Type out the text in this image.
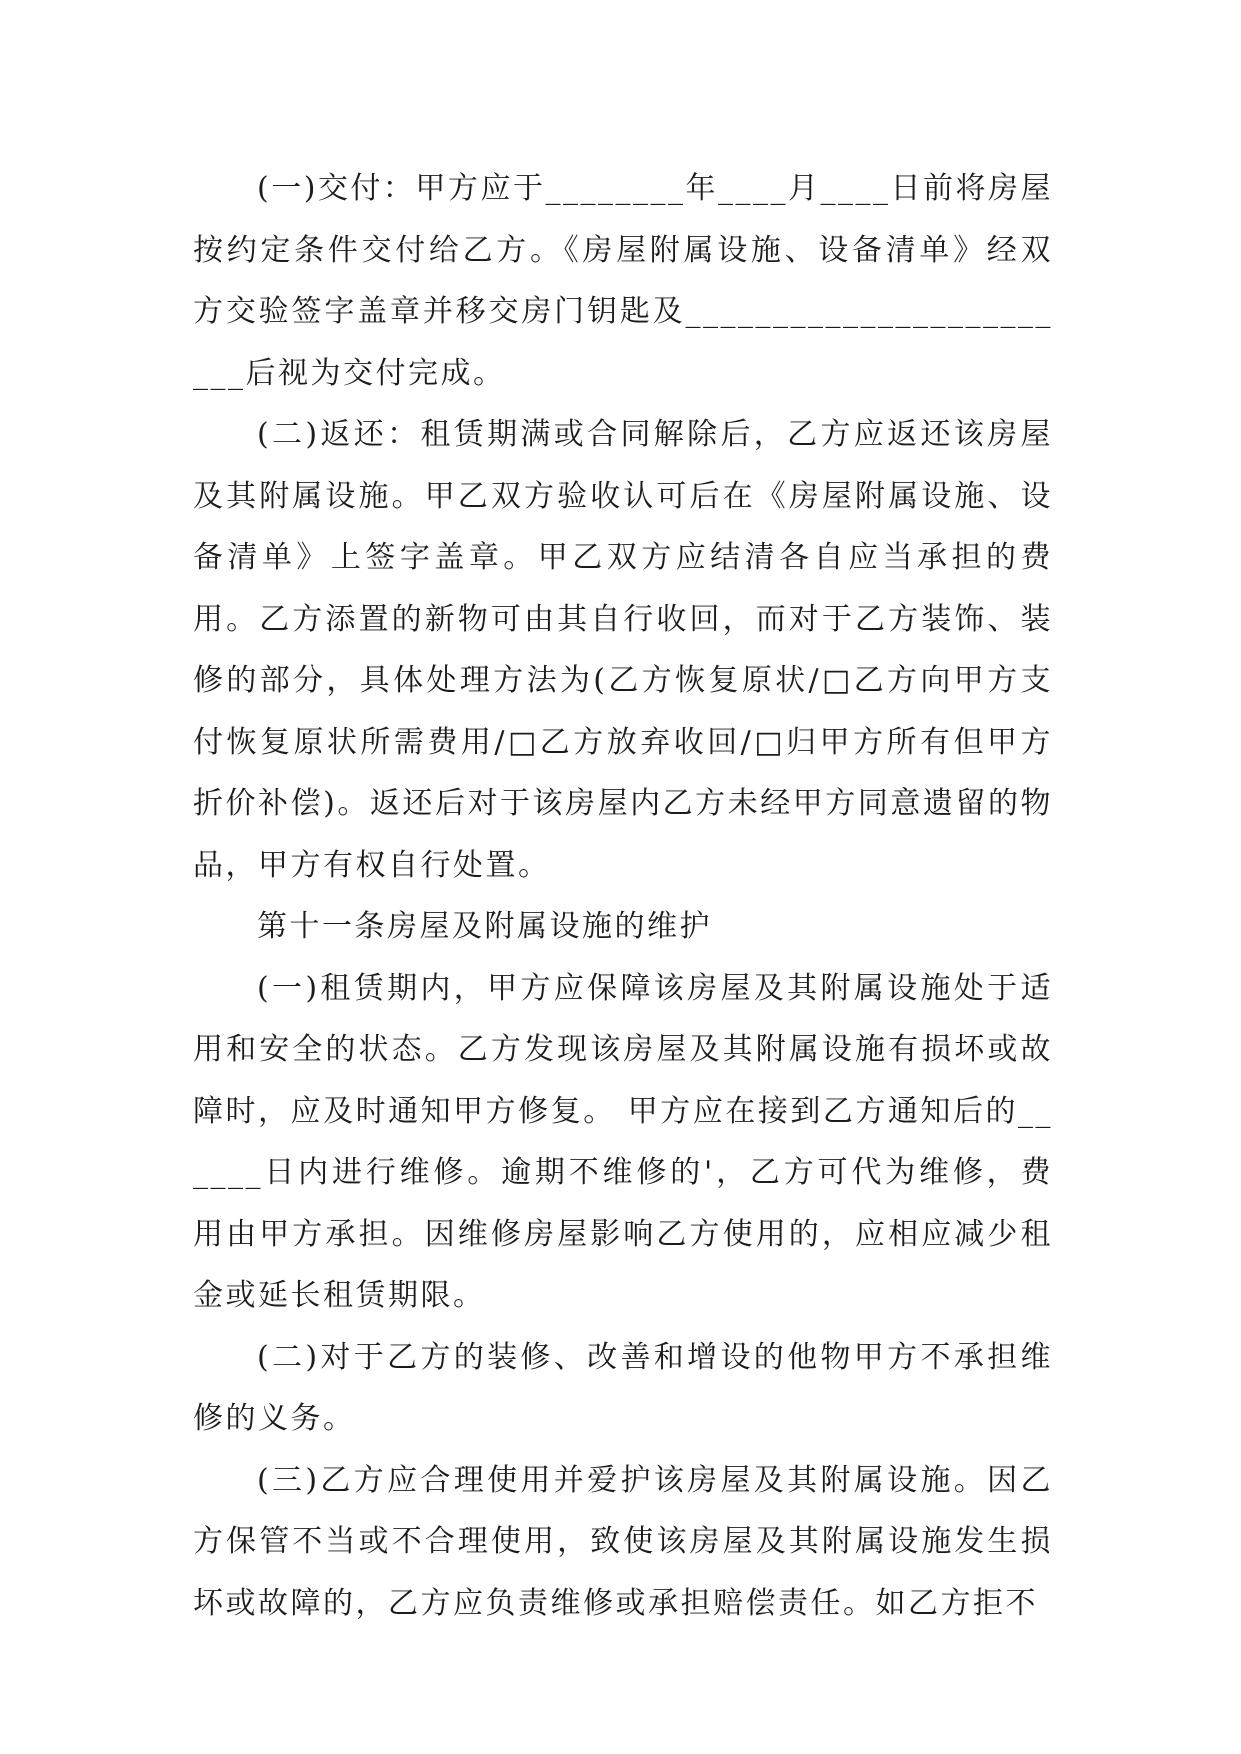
(一)交付：甲方应于________年____月____日前将房屋按约定条件交付给乙方。《房屋附属设施、设备清单》经双方交验签字盖章并移交房门钥匙及________________________后视为交付完成。

(二)返还：租赁期满或合同解除后，乙方应返还该房屋及其附属设施。甲乙双方验收认可后在《房屋附属设施、设备清单》上签字盖章。甲乙双方应结清各自应当承担的费用。乙方添置的新物可由其自行收回，而对于乙方装饰、装修的部分，具体处理方法为(乙方恢复原状/□乙方向甲方支付恢复原状所需费用/□乙方放弃收回/□归甲方所有但甲方折价补偿)。返还后对于该房屋内乙方未经甲方同意遗留的物品，甲方有权自行处置。

第十一条房屋及附属设施的维护

(一)租赁期内，甲方应保障该房屋及其附属设施处于适用和安全的状态。乙方发现该房屋及其附属设施有损坏或故障时，应及时通知甲方修复。 甲方应在接到乙方通知后的______日内进行维修。逾期不维修的'，乙方可代为维修，费用由甲方承担。因维修房屋影响乙方使用的，应相应减少租金或延长租赁期限。

(二)对于乙方的装修、改善和增设的他物甲方不承担维修的义务。

(三)乙方应合理使用并爱护该房屋及其附属设施。因乙方保管不当或不合理使用，致使该房屋及其附属设施发生损坏或故障的，乙方应负责维修或承担赔偿责任。如乙方拒不
